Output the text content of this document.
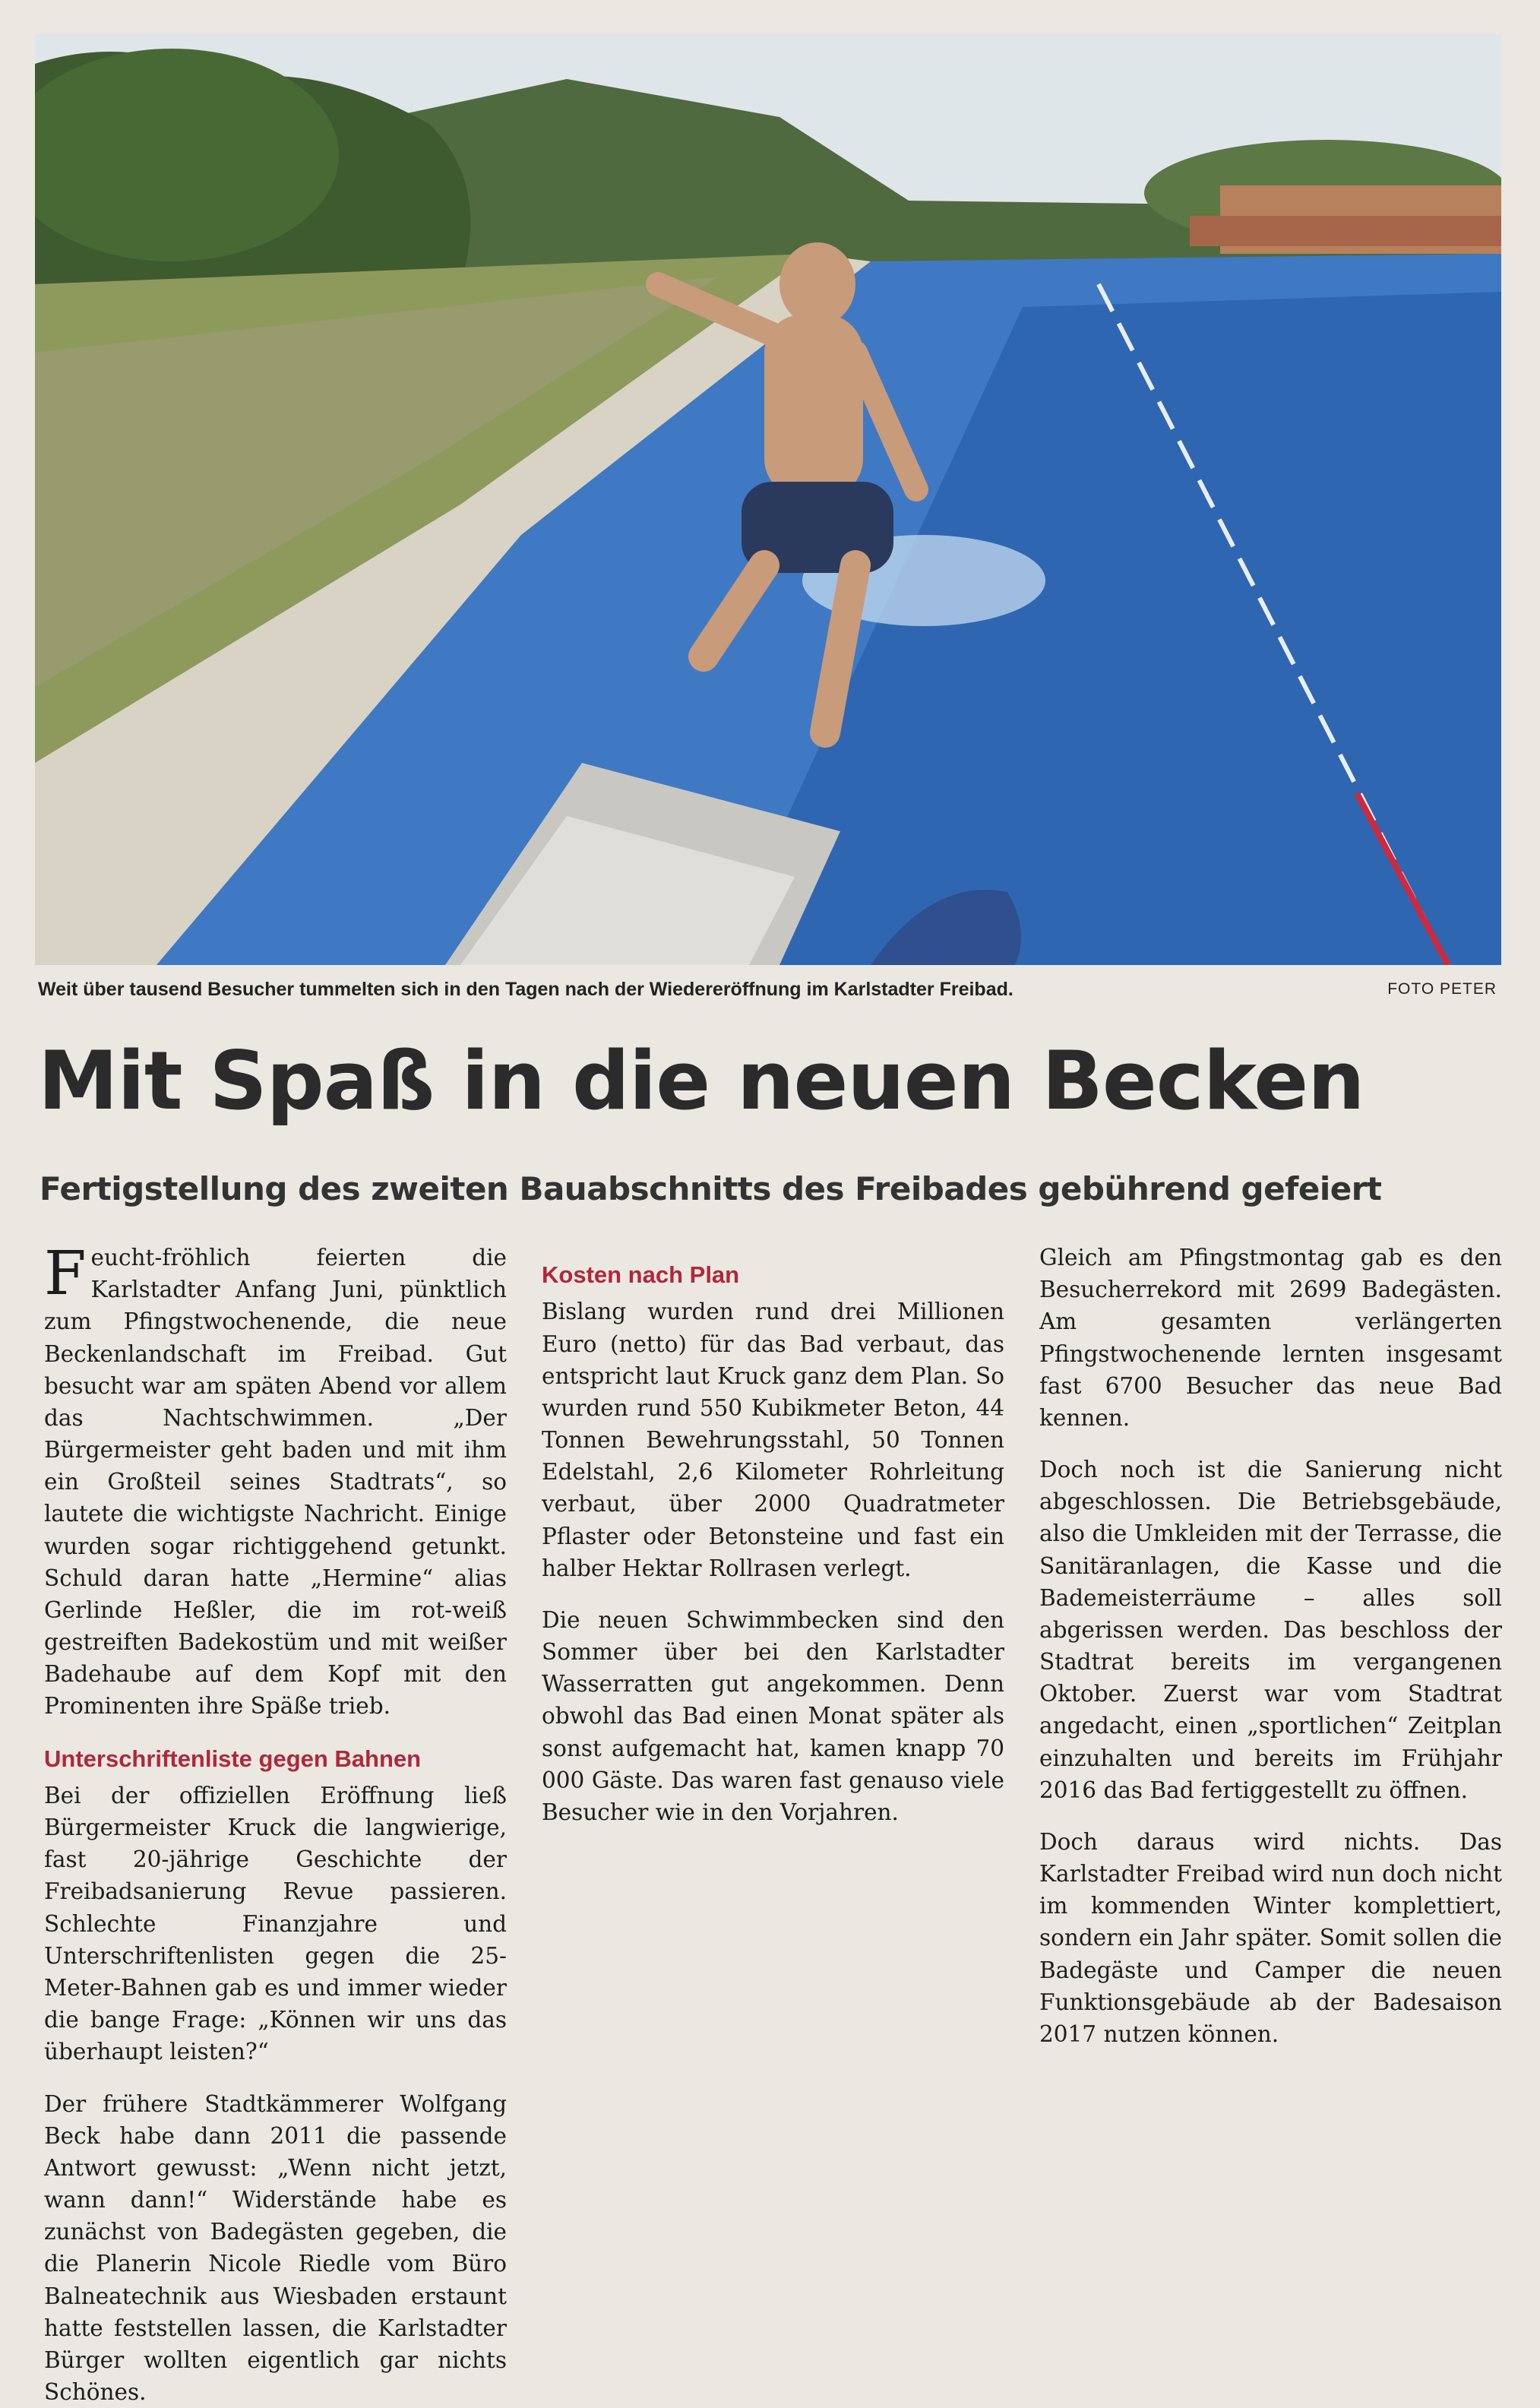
Weit über tausend Besucher tummelten sich in den Tagen nach der Wiedereröffnung im Karlstadter Freibad.	FOTO PETER
Mit Spaß in die neuen Becken
Fertigstellung des zweiten Bauabschnitts des Freibades gebührend gefeiert

Feucht-fröhlich feierten die Karlstadter Anfang Juni, pünktlich zum Pfingstwochenende, die neue Beckenlandschaft im Freibad. Gut besucht war am späten Abend vor allem das Nachtschwimmen. „Der Bürgermeister geht baden und mit ihm ein Großteil seines Stadtrats“, so lautete die wichtigste Nachricht. Einige wurden sogar richtiggehend getunkt. Schuld daran hatte „Hermine“ alias Gerlinde Heßler, die im rot-weiß gestreiften Badekostüm und mit weißer Badehaube auf dem Kopf mit den Prominenten ihre Späße trieb.

Unterschriftenliste gegen Bahnen

Bei der offiziellen Eröffnung ließ Bürgermeister Kruck die langwierige, fast 20-jährige Geschichte der Freibadsanierung Revue passieren. Schlechte Finanzjahre und Unterschriftenlisten gegen die 25-Meter-Bahnen gab es und immer wieder die bange Frage: „Können wir uns das überhaupt leisten?“

Der frühere Stadtkämmerer Wolfgang Beck habe dann 2011 die passende Antwort gewusst: „Wenn nicht jetzt, wann dann!“ Widerstände habe es zunächst von Badegästen gegeben, die die Planerin Nicole Riedle vom Büro Balneatechnik aus Wiesbaden erstaunt hatte feststellen lassen, die Karlstadter Bürger wollten eigentlich gar nichts Schönes.

Kosten nach Plan

Bislang wurden rund drei Millionen Euro (netto) für das Bad verbaut, das entspricht laut Kruck ganz dem Plan. So wurden rund 550 Kubikmeter Beton, 44 Tonnen Bewehrungsstahl, 50 Tonnen Edelstahl, 2,6 Kilometer Rohrleitung verbaut, über 2000 Quadratmeter Pflaster oder Betonsteine und fast ein halber Hektar Rollrasen verlegt.

Die neuen Schwimmbecken sind den Sommer über bei den Karlstadter Wasserratten gut angekommen. Denn obwohl das Bad einen Monat später als sonst aufgemacht hat, kamen knapp 70 000 Gäste. Das waren fast genauso viele Besucher wie in den Vorjahren.

Gleich am Pfingstmontag gab es den Besucherrekord mit 2699 Badegästen. Am gesamten verlängerten Pfingstwochenende lernten insgesamt fast 6700 Besucher das neue Bad kennen.

Doch noch ist die Sanierung nicht abgeschlossen. Die Betriebsgebäude, also die Umkleiden mit der Terrasse, die Sanitäranlagen, die Kasse und die Bademeisterräume – alles soll abgerissen werden. Das beschloss der Stadtrat bereits im vergangenen Oktober. Zuerst war vom Stadtrat angedacht, einen „sportlichen“ Zeitplan einzuhalten und bereits im Frühjahr 2016 das Bad fertiggestellt zu öffnen.

Doch daraus wird nichts. Das Karlstadter Freibad wird nun doch nicht im kommenden Winter komplettiert, sondern ein Jahr später. Somit sollen die Badegäste und Camper die neuen Funktionsgebäude ab der Badesaison 2017 nutzen können.
